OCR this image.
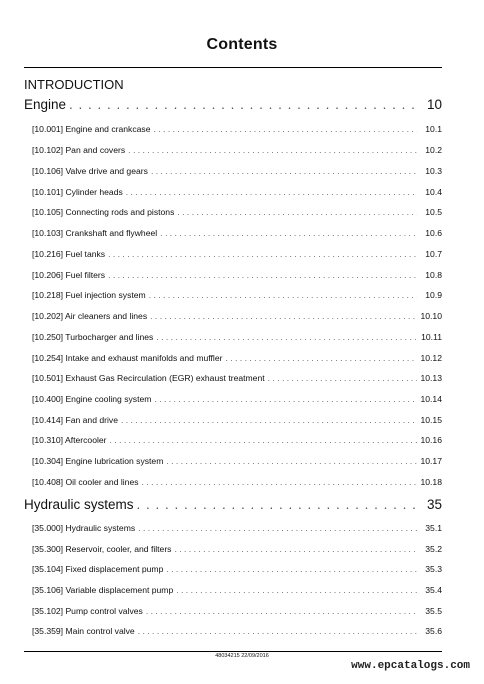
Contents
INTRODUCTION
Engine . . .	10
[10.001] Engine and crankcase . . .	10.1
[10.102] Pan and covers . . .	10.2
[10.106] Valve drive and gears . . .	10.3
[10.101] Cylinder heads . . .	10.4
[10.105] Connecting rods and pistons . . .	10.5
[10.103] Crankshaft and flywheel . . .	10.6
[10.216] Fuel tanks . . .	10.7
[10.206] Fuel filters . . .	10.8
[10.218] Fuel injection system . . .	10.9
[10.202] Air cleaners and lines . . .	10.10
[10.250] Turbocharger and lines . . .	10.11
[10.254] Intake and exhaust manifolds and muffler . . .	10.12
[10.501] Exhaust Gas Recirculation (EGR) exhaust treatment . . .	10.13
[10.400] Engine cooling system . . .	10.14
[10.414] Fan and drive . . .	10.15
[10.310] Aftercooler . . .	10.16
[10.304] Engine lubrication system . . .	10.17
[10.408] Oil cooler and lines . . .	10.18
Hydraulic systems . . .	35
[35.000] Hydraulic systems . . .	35.1
[35.300] Reservoir, cooler, and filters . . .	35.2
[35.104] Fixed displacement pump . . .	35.3
[35.106] Variable displacement pump . . .	35.4
[35.102] Pump control valves . . .	35.5
[35.359] Main control valve . . .	35.6
48034215 22/09/2016
www.epcatalogs.com
